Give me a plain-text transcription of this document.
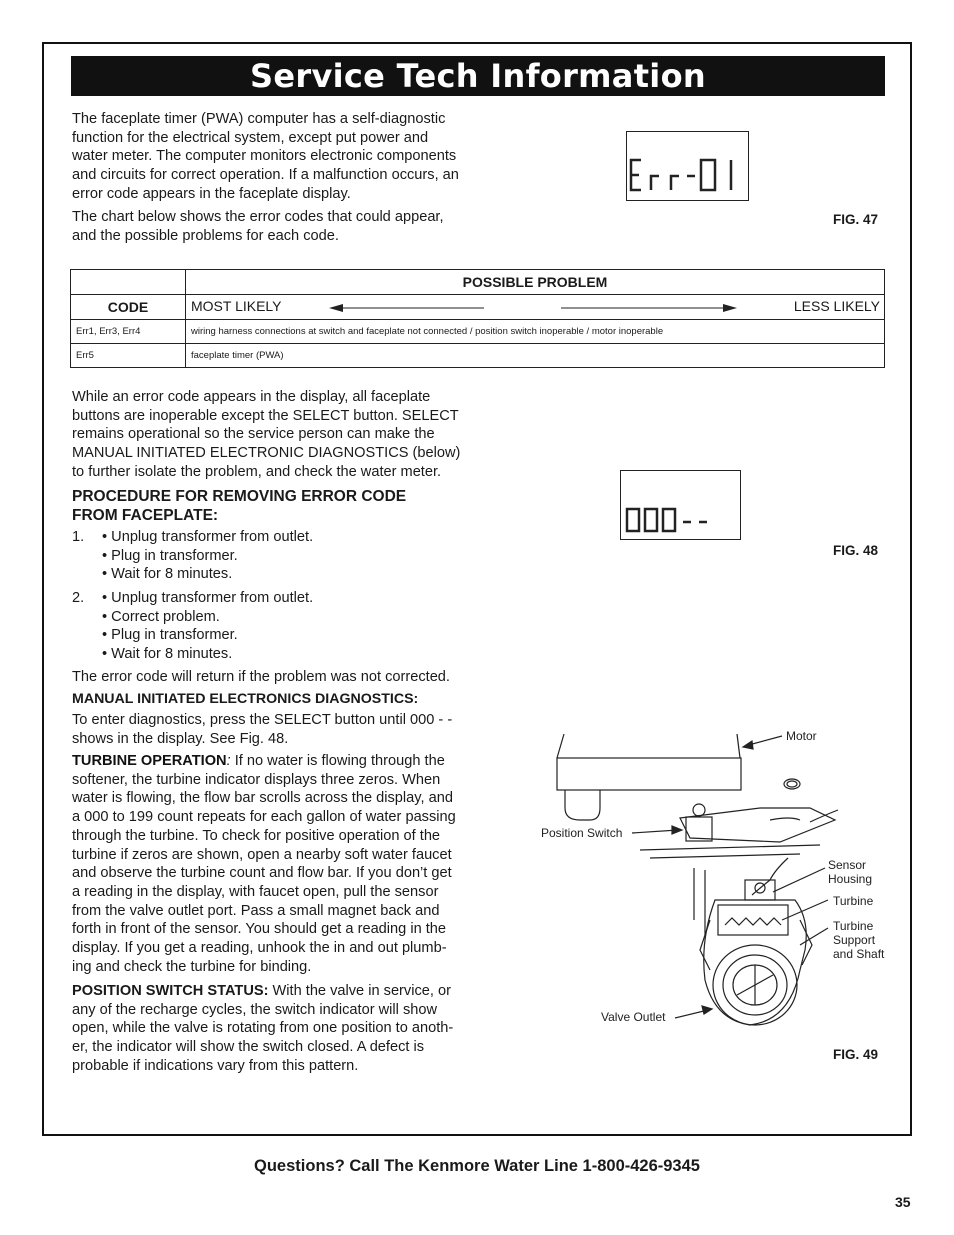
Service Tech Information
The faceplate timer (PWA) computer has a self-diagnostic
function for the electrical system, except put power and
water meter. The computer monitors electronic components
and circuits for correct operation. If a malfunction occurs, an
error code appears in the faceplate display.
The chart below shows the error codes that could appear,
and the possible problems for each code.
FIG. 47
	POSSIBLE PROBLEM
CODE	MOST LIKELY LESS LIKELY

Err1, Err3, Err4	wiring harness connections at switch and faceplate not connected / position switch inoperable / motor inoperable
Err5	faceplate timer (PWA)
While an error code appears in the display, all faceplate
buttons are inoperable except the SELECT button. SELECT
remains operational so the service person can make the
MANUAL INITIATED ELECTRONIC DIAGNOSTICS (below)
to further isolate the problem, and check the water meter.
PROCEDURE FOR REMOVING ERROR CODE
FROM FACEPLATE:
1. • Unplug transformer from outlet.
• Plug in transformer.
• Wait for 8 minutes.
2. • Unplug transformer from outlet.
• Correct problem.
• Plug in transformer.
• Wait for 8 minutes.
The error code will return if the problem was not corrected.
FIG. 48
MANUAL INITIATED ELECTRONICS DIAGNOSTICS:
To enter diagnostics, press the SELECT button until 000 - -
shows in the display. See Fig. 48.
TURBINE OPERATION: If no water is flowing through the
softener, the turbine indicator displays three zeros. When
water is flowing, the flow bar scrolls across the display, and
a 000 to 199 count repeats for each gallon of water passing
through the turbine. To check for positive operation of the
turbine if zeros are shown, open a nearby soft water faucet
and observe the turbine count and flow bar. If you don’t get
a reading in the display, with faucet open, pull the sensor
from the valve outlet port. Pass a small magnet back and
forth in front of the sensor. You should get a reading in the
display. If you get a reading, unhook the in and out plumb-
ing and check the turbine for binding.
POSITION SWITCH STATUS: With the valve in service, or
any of the recharge cycles, the switch indicator will show
open, while the valve is rotating from one position to anoth-
er, the indicator will show the switch closed. A defect is
probable if indications vary from this pattern.
Motor
Position Switch
Sensor
Housing
Turbine
Turbine
Support
and Shaft
Valve Outlet
FIG. 49
Questions? Call The Kenmore Water Line 1-800-426-9345
35
